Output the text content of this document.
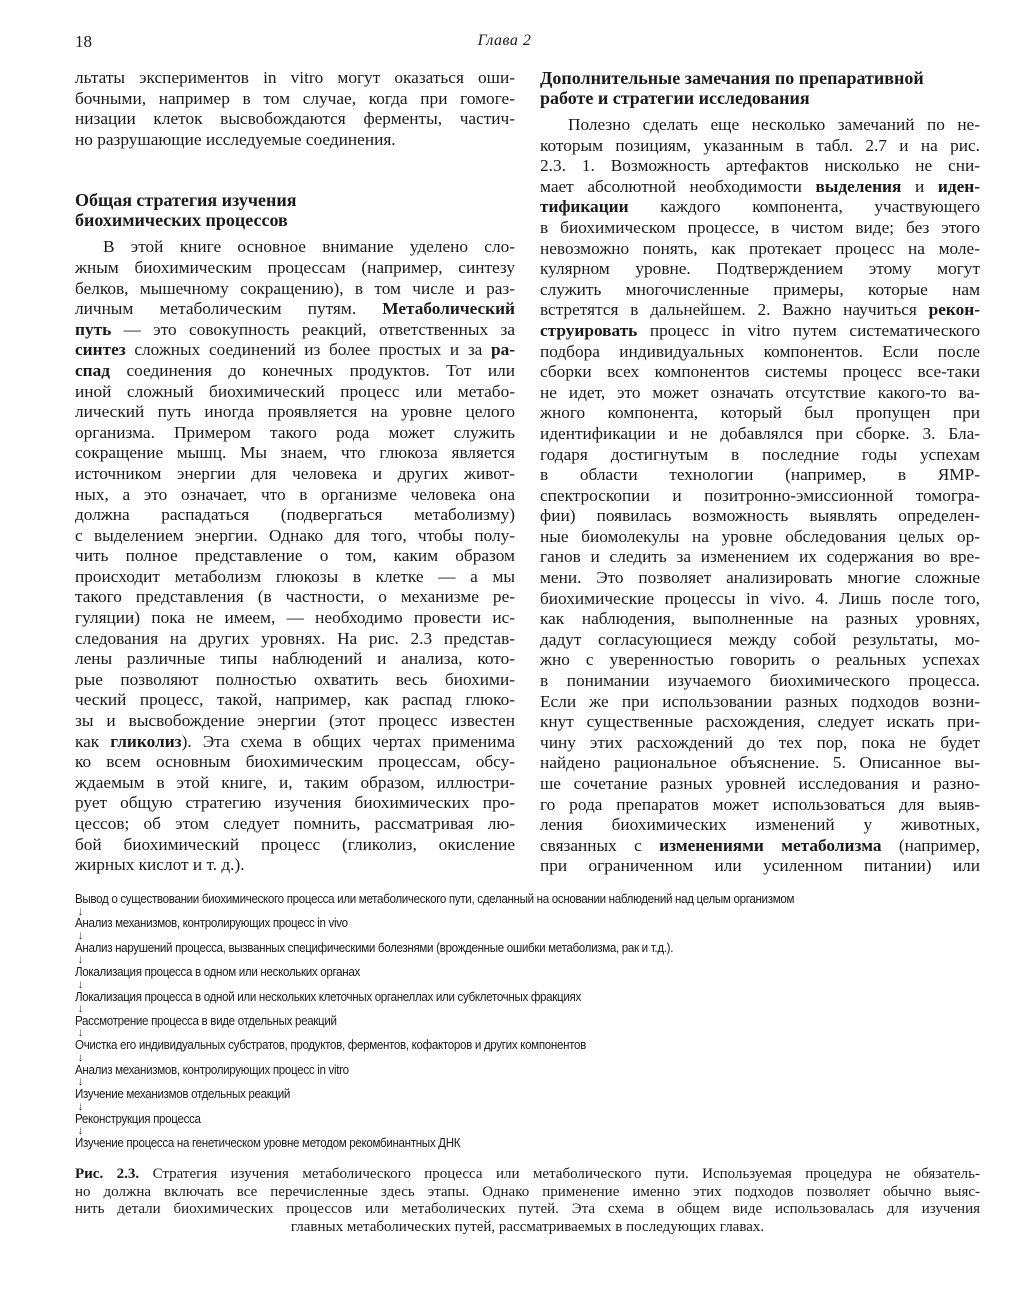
18	Глава 2
льтаты экспериментов in vitro могут оказаться оши-
бочными, например в том случае, когда при гомоге-
низации клеток высвобождаются ферменты, частич-
но разрушающие исследуемые соединения.
Общая стратегия изучения
биохимических процессов
В этой книге основное внимание уделено сло-
жным биохимическим процессам (например, синтезу
белков, мышечному сокращению), в том числе и раз-
личным метаболическим путям. Метаболический
путь — это совокупность реакций, ответственных за
синтез сложных соединений из более простых и за ра-
спад соединения до конечных продуктов. Тот или
иной сложный биохимический процесс или метабо-
лический путь иногда проявляется на уровне целого
организма. Примером такого рода может служить
сокращение мышц. Мы знаем, что глюкоза является
источником энергии для человека и других живот-
ных, а это означает, что в организме человека она
должна распадаться (подвергаться метаболизму)
с выделением энергии. Однако для того, чтобы полу-
чить полное представление о том, каким образом
происходит метаболизм глюкозы в клетке — а мы
такого представления (в частности, о механизме ре-
гуляции) пока не имеем, — необходимо провести ис-
следования на других уровнях. На рис. 2.3 представ-
лены различные типы наблюдений и анализа, кото-
рые позволяют полностью охватить весь биохими-
ческий процесс, такой, например, как распад глюко-
зы и высвобождение энергии (этот процесс известен
как гликолиз). Эта схема в общих чертах применима
ко всем основным биохимическим процессам, обсу-
ждаемым в этой книге, и, таким образом, иллюстри-
рует общую стратегию изучения биохимических про-
цессов; об этом следует помнить, рассматривая лю-
бой биохимический процесс (гликолиз, окисление
жирных кислот и т. д.).
Дополнительные замечания по препаративной
работе и стратегии исследования
Полезно сделать еще несколько замечаний по не-
которым позициям, указанным в табл. 2.7 и на рис.
2.3. 1. Возможность артефактов нисколько не сни-
мает абсолютной необходимости выделения и иден-
тификации каждого компонента, участвующего
в биохимическом процессе, в чистом виде; без этого
невозможно понять, как протекает процесс на моле-
кулярном уровне. Подтверждением этому могут
служить многочисленные примеры, которые нам
встретятся в дальнейшем. 2. Важно научиться рекон-
струировать процесс in vitro путем систематического
подбора индивидуальных компонентов. Если после
сборки всех компонентов системы процесс все-таки
не идет, это может означать отсутствие какого-то ва-
жного компонента, который был пропущен при
идентификации и не добавлялся при сборке. 3. Бла-
годаря достигнутым в последние годы успехам
в области технологии (например, в ЯМР-
спектроскопии и позитронно-эмиссионной томогра-
фии) появилась возможность выявлять определен-
ные биомолекулы на уровне обследования целых ор-
ганов и следить за изменением их содержания во вре-
мени. Это позволяет анализировать многие сложные
биохимические процессы in vivo. 4. Лишь после того,
как наблюдения, выполненные на разных уровнях,
дадут согласующиеся между собой результаты, мо-
жно с уверенностью говорить о реальных успехах
в понимании изучаемого биохимического процесса.
Если же при использовании разных подходов возни-
кнут существенные расхождения, следует искать при-
чину этих расхождений до тех пор, пока не будет
найдено рациональное объяснение. 5. Описанное вы-
ше сочетание разных уровней исследования и разно-
го рода препаратов может использоваться для выяв-
ления биохимических изменений у животных,
связанных с изменениями метаболизма (например,
при ограниченном или усиленном питании) или
Вывод о существовании биохимического процесса или метаболического пути, сделанный на основании наблюдений над целым организмом
↓
Анализ механизмов, контролирующих процесс in vivo
↓
Анализ нарушений процесса, вызванных специфическими болезнями (врожденные ошибки метаболизма, рак и т.д.).
↓
Локализация процесса в одном или нескольких органах
↓
Локализация процесса в одной или нескольких клеточных органеллах или субклеточных фракциях
↓
Рассмотрение процесса в виде отдельных реакций
↓
Очистка его индивидуальных субстратов, продуктов, ферментов, кофакторов и других компонентов
↓
Анализ механизмов, контролирующих процесс in vitro
↓
Изучение механизмов отдельных реакций
↓
Реконструкция процесса
↓
Изучение процесса на генетическом уровне методом рекомбинантных ДНК
Рис. 2.3. Стратегия изучения метаболического процесса или метаболического пути. Используемая процедура не обязатель-
но должна включать все перечисленные здесь этапы. Однако применение именно этих подходов позволяет обычно выяс-
нить детали биохимических процессов или метаболических путей. Эта схема в общем виде использовалась для изучения
главных метаболических путей, рассматриваемых в последующих главах.
